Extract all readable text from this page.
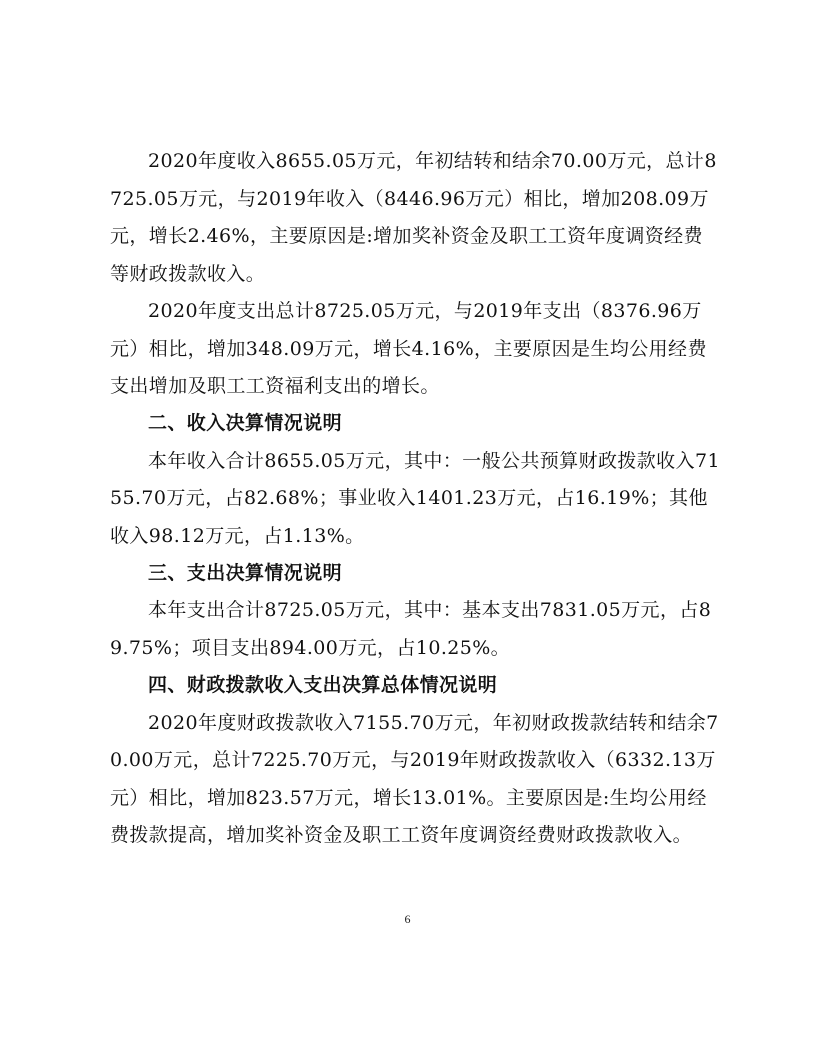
2020年度收入8655.05万元，年初结转和结余70.00万元，总计8725.05万元，与2019年收入（8446.96万元）相比，增加208.09万元，增长2.46%，主要原因是:增加奖补资金及职工工资年度调资经费等财政拨款收入。

2020年度支出总计8725.05万元，与2019年支出（8376.96万元）相比，增加348.09万元，增长4.16%，主要原因是生均公用经费支出增加及职工工资福利支出的增长。

二、收入决算情况说明

本年收入合计8655.05万元，其中：一般公共预算财政拨款收入7155.70万元，占82.68%；事业收入1401.23万元，占16.19%；其他收入98.12万元，占1.13%。

三、支出决算情况说明

本年支出合计8725.05万元，其中：基本支出7831.05万元，占89.75%；项目支出894.00万元，占10.25%。

四、财政拨款收入支出决算总体情况说明

2020年度财政拨款收入7155.70万元，年初财政拨款结转和结余70.00万元，总计7225.70万元，与2019年财政拨款收入（6332.13万元）相比，增加823.57万元，增长13.01%。主要原因是:生均公用经费拨款提高，增加奖补资金及职工工资年度调资经费财政拨款收入。

6
